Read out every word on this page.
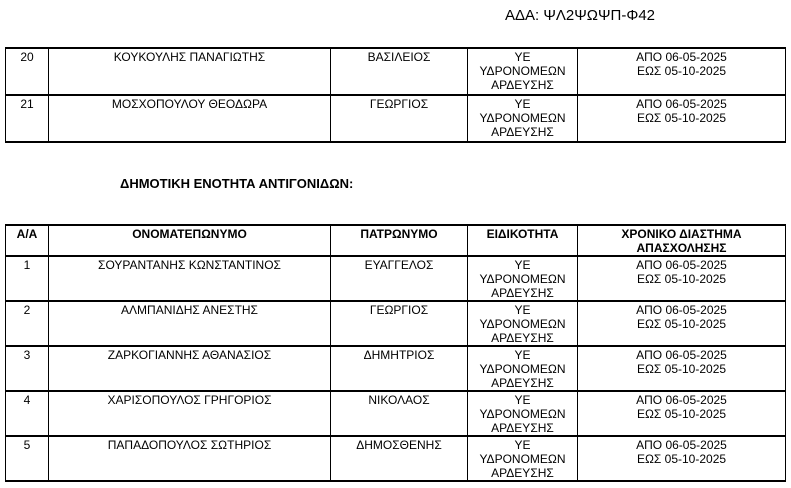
ΑΔΑ: ΨΛ2ΨΩΨΠ-Φ42
20	ΚΟΥΚΟΥΛΗΣ ΠΑΝΑΓΙΩΤΗΣ	ΒΑΣΙΛΕΙΟΣ	ΥΕ
ΥΔΡΟΝΟΜΕΩΝ
ΑΡΔΕΥΣΗΣ

ΑΠΟ 06-05-2025
ΕΩΣ 05-10-2025

21	ΜΟΣΧΟΠΟΥΛΟΥ ΘΕΟΔΩΡΑ	ΓΕΩΡΓΙΟΣ	ΥΕ
ΥΔΡΟΝΟΜΕΩΝ
ΑΡΔΕΥΣΗΣ

ΑΠΟ 06-05-2025
ΕΩΣ 05-10-2025
ΔΗΜΟΤΙΚΗ ΕΝΟΤΗΤΑ ΑΝΤΙΓΟΝΙΔΩΝ:
Α/Α	ΟΝΟΜΑΤΕΠΩΝΥΜΟ	ΠΑΤΡΩΝΥΜΟ	ΕΙΔΙΚΟΤΗΤΑ	ΧΡΟΝΙΚΟ ΔΙΑΣΤΗΜΑ
ΑΠΑΣΧΟΛΗΣΗΣ

1	ΣΟΥΡΑΝΤΑΝΗΣ ΚΩΝΣΤΑΝΤΙΝΟΣ	ΕΥΑΓΓΕΛΟΣ	ΥΕ
ΥΔΡΟΝΟΜΕΩΝ
ΑΡΔΕΥΣΗΣ

ΑΠΟ 06-05-2025
ΕΩΣ 05-10-2025

2	ΑΛΜΠΑΝΙΔΗΣ ΑΝΕΣΤΗΣ	ΓΕΩΡΓΙΟΣ	ΥΕ
ΥΔΡΟΝΟΜΕΩΝ
ΑΡΔΕΥΣΗΣ

ΑΠΟ 06-05-2025
ΕΩΣ 05-10-2025

3	ΖΑΡΚΟΓΙΑΝΝΗΣ ΑΘΑΝΑΣΙΟΣ	ΔΗΜΗΤΡΙΟΣ	ΥΕ
ΥΔΡΟΝΟΜΕΩΝ
ΑΡΔΕΥΣΗΣ

ΑΠΟ 06-05-2025
ΕΩΣ 05-10-2025

4	ΧΑΡΙΣΟΠΟΥΛΟΣ ΓΡΗΓΟΡΙΟΣ	ΝΙΚΟΛΑΟΣ	ΥΕ
ΥΔΡΟΝΟΜΕΩΝ
ΑΡΔΕΥΣΗΣ

ΑΠΟ 06-05-2025
ΕΩΣ 05-10-2025

5	ΠΑΠΑΔΟΠΟΥΛΟΣ ΣΩΤΗΡΙΟΣ	ΔΗΜΟΣΘΕΝΗΣ	ΥΕ
ΥΔΡΟΝΟΜΕΩΝ
ΑΡΔΕΥΣΗΣ

ΑΠΟ 06-05-2025
ΕΩΣ 05-10-2025
